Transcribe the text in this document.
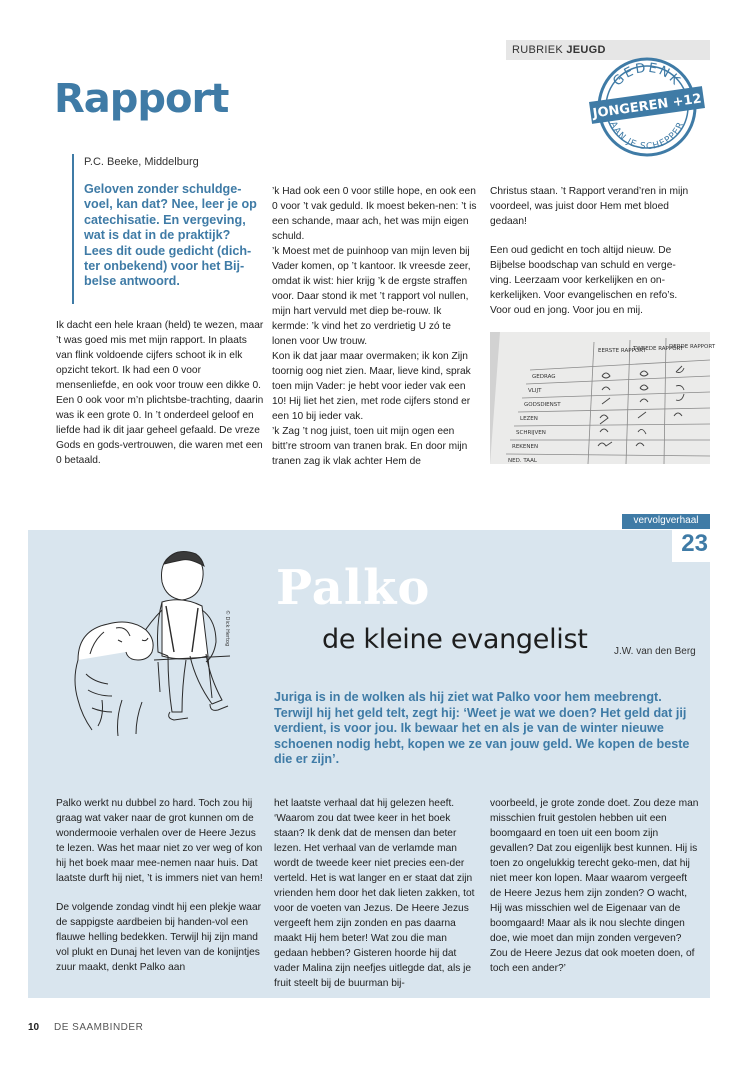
RUBRIEK JEUGD
GEDENK
JONGEREN +12
AAN JE SCHEPPER
Rapport
P.C. Beeke, Middelburg
Geloven zonder schuldge-voel, kan dat? Nee, leer je op catechisatie. En vergeving, wat is dat in de praktijk? Lees dit oude gedicht (dich-ter onbekend) voor het Bij-belse antwoord.

Ik dacht een hele kraan (held) te wezen, maar ’t was goed mis met mijn rapport. In plaats van flink voldoende cijfers schoot ik in elk opzicht tekort. Ik had een 0 voor mensenliefde, en ook voor trouw een dikke 0. Een 0 ook voor m’n plichtsbe-trachting, daarin was ik een grote 0. In ’t onderdeel geloof en liefde had ik dit jaar geheel gefaald. De vreze Gods en gods-vertrouwen, die waren met een 0 betaald.

’k Had ook een 0 voor stille hope, en ook een 0 voor ’t vak geduld. Ik moest beken-nen: ’t is een schande, maar ach, het was mijn eigen schuld.

’k Moest met de puinhoop van mijn leven bij Vader komen, op ’t kantoor. Ik vreesde zeer, omdat ik wist: hier krijg ’k de ergste straffen voor. Daar stond ik met ’t rapport vol nullen, mijn hart vervuld met diep be-rouw. Ik kermde: ’k vind het zo verdrietig U zó te lonen voor Uw trouw.

Kon ik dat jaar maar overmaken; ik kon Zijn toornig oog niet zien. Maar, lieve kind, sprak toen mijn Vader: je hebt voor ieder vak een 10! Hij liet het zien, met rode cijfers stond er een 10 bij ieder vak.

’k Zag ’t nog juist, toen uit mijn ogen een bitt’re stroom van tranen brak. En door mijn tranen zag ik vlak achter Hem de

Christus staan. ’t Rapport verand’ren in mijn voordeel, was juist door Hem met bloed gedaan!

Een oud gedicht en toch altijd nieuw. De Bijbelse boodschap van schuld en verge-ving. Leerzaam voor kerkelijken en on-kerkelijken. Voor evangelischen en refo’s. Voor oud en jong. Voor jou en mij.

EERSTE RAPPORT
TWEEDE RAPPORT
DERDE RAPPORT
GEDRAG
VLIJT
GODSDIENST
LEZEN
SCHRIJVEN
REKENEN
NED. TAAL
vervolgverhaal
23
© Dick Hertog
Palko
de kleine evangelist	J.W. van den Berg
Juriga is in de wolken als hij ziet wat Palko voor hem meebrengt. Terwijl hij het geld telt, zegt hij: ‘Weet je wat we doen? Het geld dat jij verdient, is voor jou. Ik bewaar het en als je van de winter nieuwe schoenen nodig hebt, kopen we ze van jouw geld. We kopen de beste die er zijn’.

Palko werkt nu dubbel zo hard. Toch zou hij graag wat vaker naar de grot kunnen om de wondermooie verhalen over de Heere Jezus te lezen. Was het maar niet zo ver weg of kon hij het boek maar mee-nemen naar huis. Dat laatste durft hij niet, ’t is immers niet van hem!

De volgende zondag vindt hij een plekje waar de sappigste aardbeien bij handen-vol een flauwe helling bedekken. Terwijl hij zijn mand vol plukt en Dunaj het leven van de konijntjes zuur maakt, denkt Palko aan

het laatste verhaal dat hij gelezen heeft. ‘Waarom zou dat twee keer in het boek staan? Ik denk dat de mensen dan beter lezen. Het verhaal van de verlamde man wordt de tweede keer niet precies een-der verteld. Het is wat langer en er staat dat zijn vrienden hem door het dak lieten zakken, tot voor de voeten van Jezus. De Heere Jezus vergeeft hem zijn zonden en pas daarna maakt Hij hem beter! Wat zou die man gedaan hebben? Gisteren hoorde hij dat vader Malina zijn neefjes uitlegde dat, als je fruit steelt bij de buurman bij-

voorbeeld, je grote zonde doet. Zou deze man misschien fruit gestolen hebben uit een boomgaard en toen uit een boom zijn gevallen? Dat zou eigenlijk best kunnen. Hij is toen zo ongelukkig terecht geko-men, dat hij niet meer kon lopen. Maar waarom vergeeft de Heere Jezus hem zijn zonden? O wacht, Hij was misschien wel de Eigenaar van de boomgaard! Maar als ik nou slechte dingen doe, wie moet dan mijn zonden vergeven? Zou de Heere Jezus dat ook moeten doen, of toch een ander?’

10 DE SAAMBINDER
